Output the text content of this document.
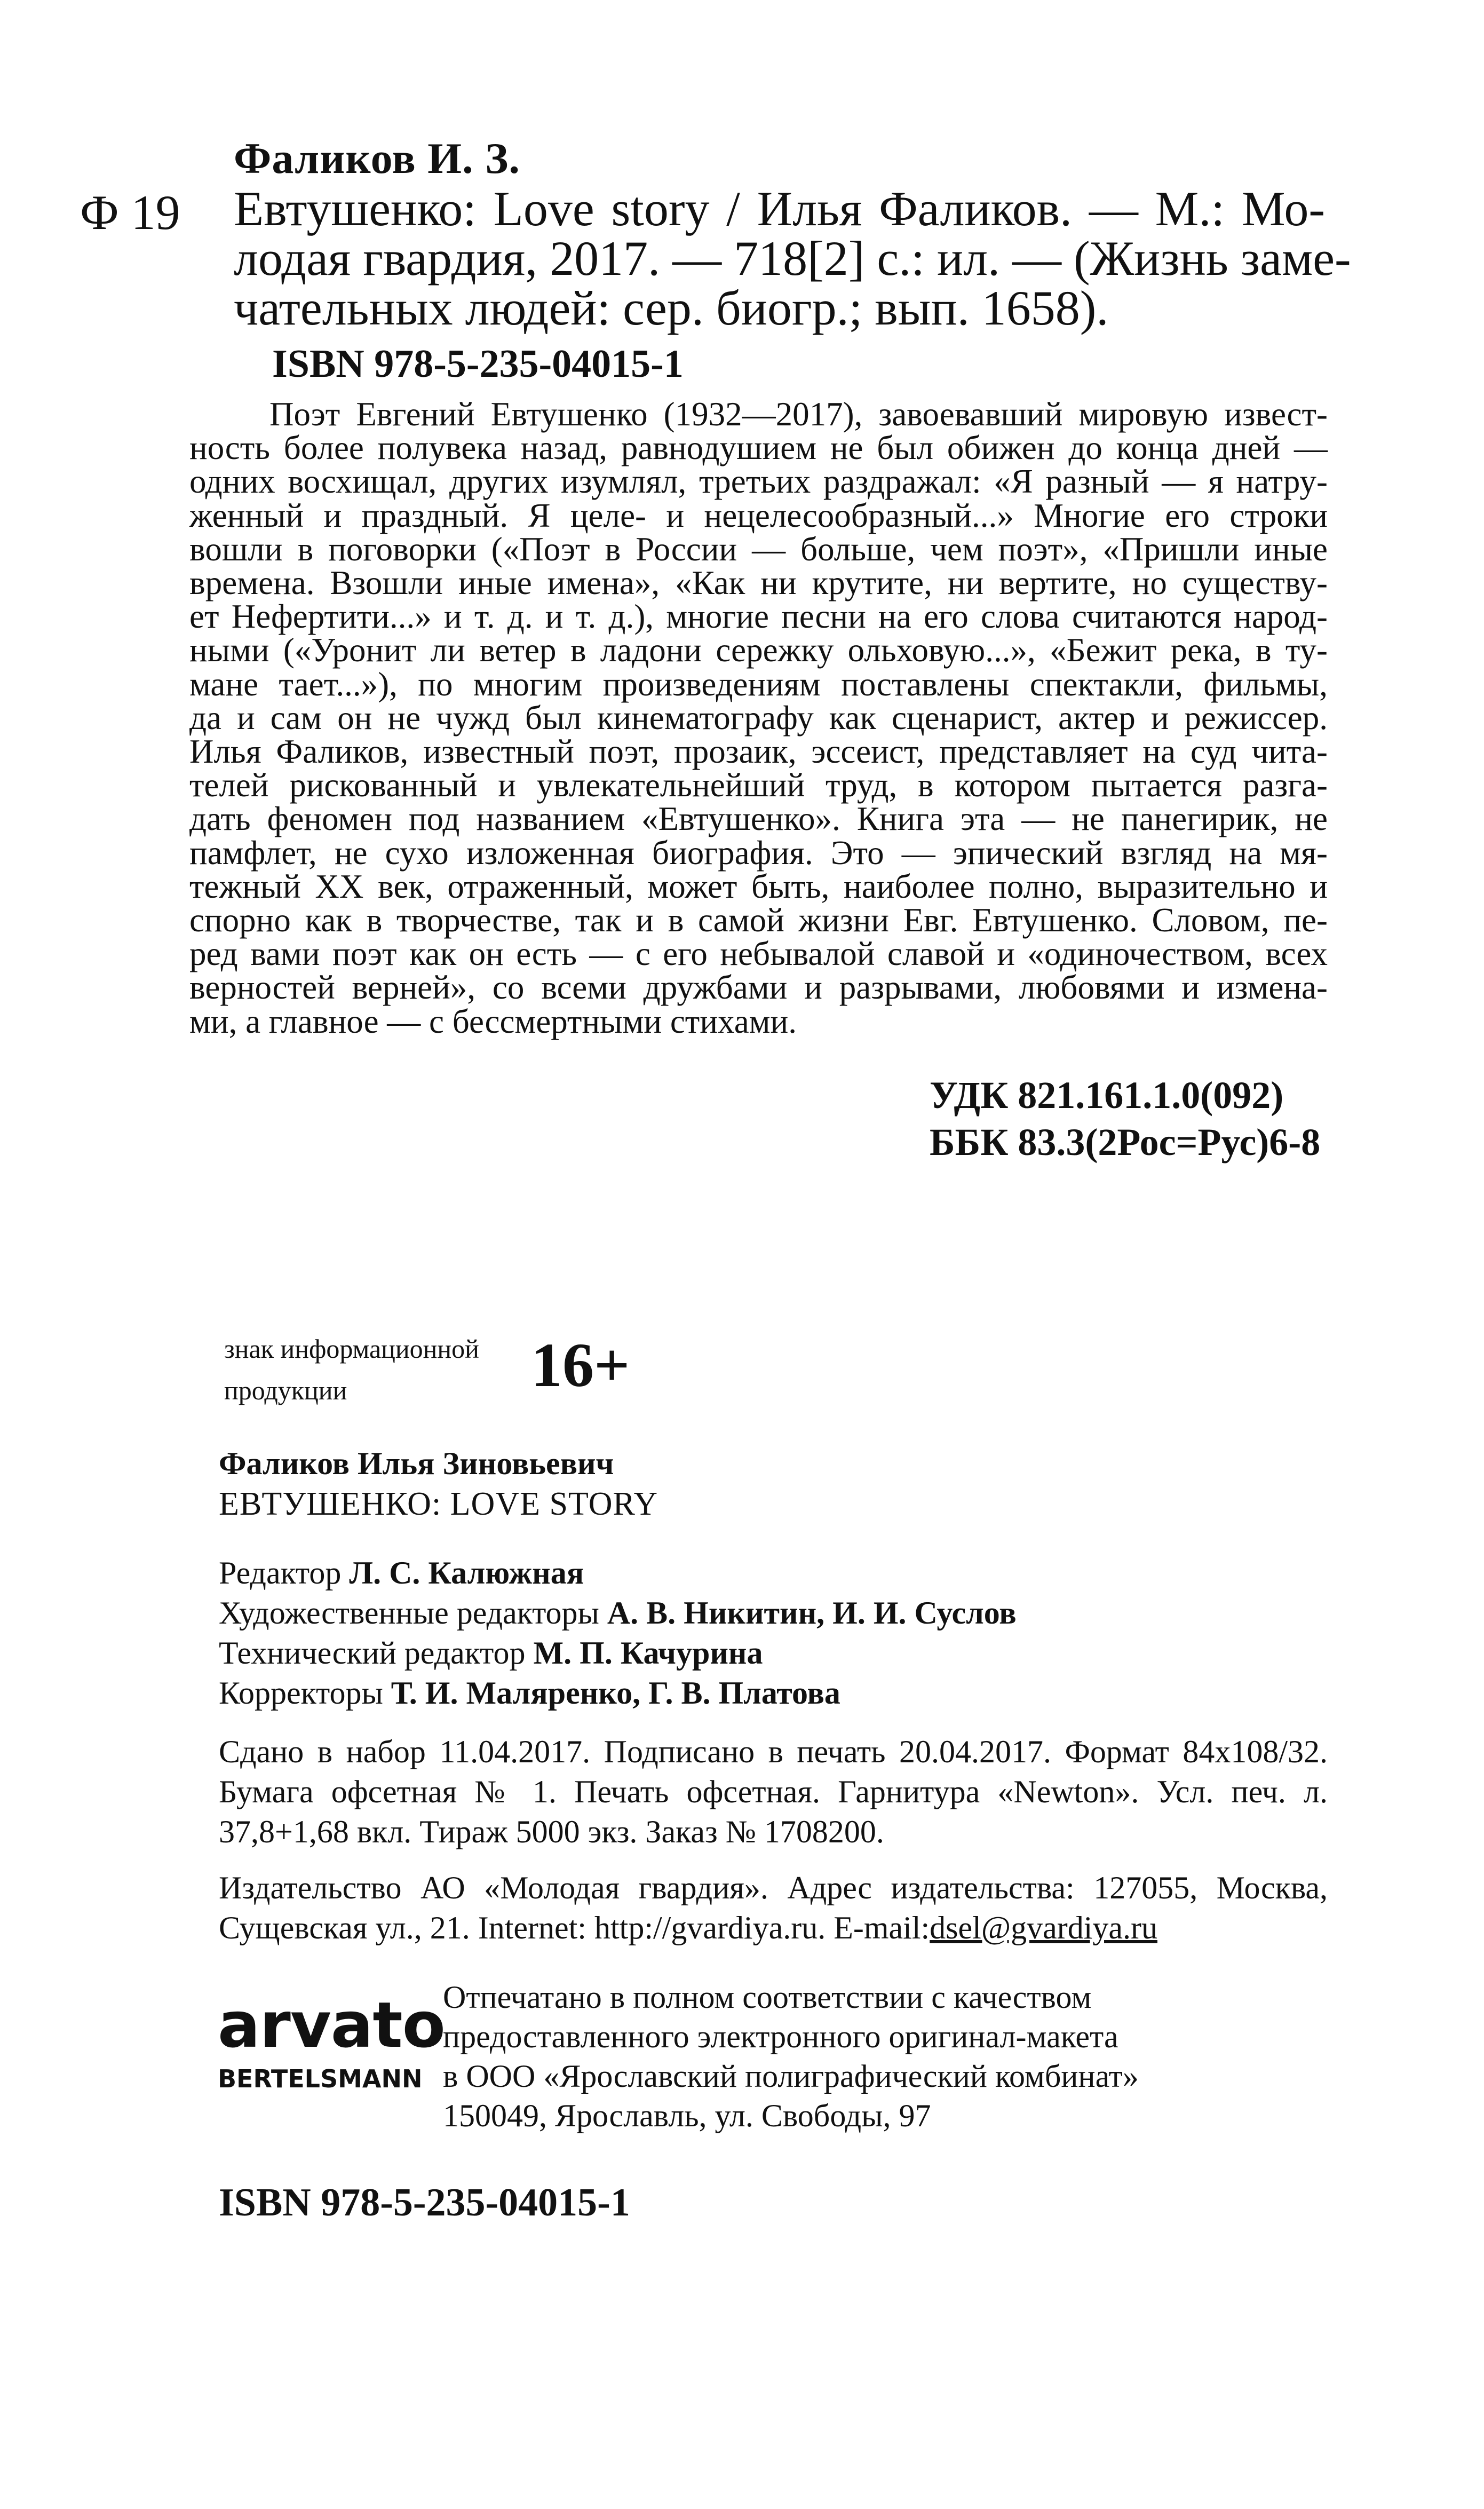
Фаликов И. З.
Ф 19 Евтушенко: Love story / Илья Фаликов. — М.: Мо-
лодая гвардия, 2017. — 718[2] с.: ил. — (Жизнь заме-
чательных людей: сер. биогр.; вып. 1658).
ISBN 978-5-235-04015-1
Поэт Евгений Евтушенко (1932—2017), завоевавший мировую извест-
ность более полувека назад, равнодушием не был обижен до конца дней —
одних восхищал, других изумлял, третьих раздражал: «Я разный — я натру-
женный и праздный. Я целе- и нецелесообразный...» Многие его строки
вошли в поговорки («Поэт в России — больше, чем поэт», «Пришли иные
времена. Взошли иные имена», «Как ни крутите, ни вертите, но существу-
ет Нефертити...» и т. д. и т. д.), многие песни на его слова считаются народ-
ными («Уронит ли ветер в ладони сережку ольховую...», «Бежит река, в ту-
мане тает...»), по многим произведениям поставлены спектакли, фильмы,
да и сам он не чужд был кинематографу как сценарист, актер и режиссер.
Илья Фаликов, известный поэт, прозаик, эссеист, представляет на суд чита-
телей рискованный и увлекательнейший труд, в котором пытается разга-
дать феномен под названием «Евтушенко». Книга эта — не панегирик, не
памфлет, не сухо изложенная биография. Это — эпический взгляд на мя-
тежный XX век, отраженный, может быть, наиболее полно, выразительно и
спорно как в творчестве, так и в самой жизни Евг. Евтушенко. Словом, пе-
ред вами поэт как он есть — с его небывалой славой и «одиночеством, всех
верностей верней», со всеми дружбами и разрывами, любовями и измена-
ми, а главное — с бессмертными стихами.
УДК 821.161.1.0(092)
ББК 83.3(2Рос=Рус)6-8
знак информационной
продукции	16+
Фаликов Илья Зиновьевич
ЕВТУШЕНКО: LOVE STORY
Редактор Л. С. Калюжная
Художественные редакторы А. В. Никитин, И. И. Суслов
Технический редактор М. П. Качурина
Корректоры Т. И. Маляренко, Г. В. Платова
Сдано в набор 11.04.2017. Подписано в печать 20.04.2017. Формат 84x108/32.
Бумага офсетная № 1. Печать офсетная. Гарнитура «Newton». Усл. печ. л.
37,8+1,68 вкл. Тираж 5000 экз. Заказ № 1708200.
Издательство АО «Молодая гвардия». Адрес издательства: 127055, Москва,
Сущевская ул., 21. Internet: http://gvardiya.ru. E-mail:dsel@gvardiya.ru
arvato
BERTELSMANN
Отпечатано в полном соответствии с качеством
предоставленного электронного оригинал-макета
в ООО «Ярославский полиграфический комбинат»
150049, Ярославль, ул. Свободы, 97
ISBN 978-5-235-04015-1
